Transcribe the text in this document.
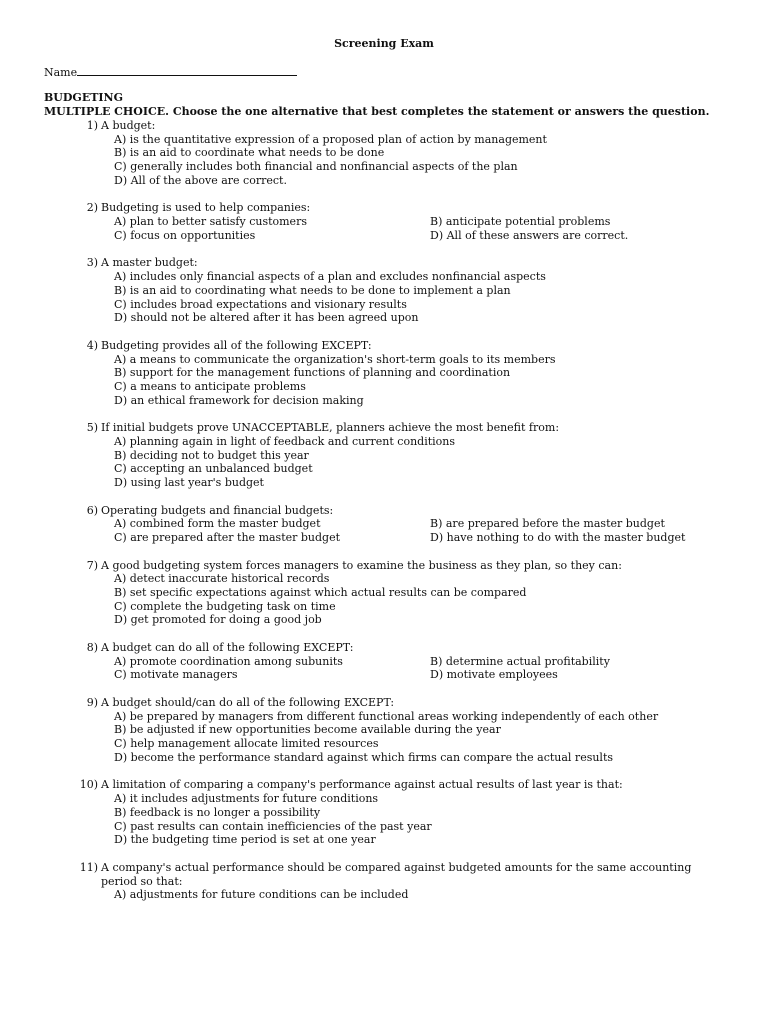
Screening Exam
Name
BUDGETING
MULTIPLE CHOICE. Choose the one alternative that best completes the statement or answers the question.
1) A budget:
A) is the quantitative expression of a proposed plan of action by management
B) is an aid to coordinate what needs to be done
C) generally includes both financial and nonfinancial aspects of the plan
D) All of the above are correct.
2) Budgeting is used to help companies:
A) plan to better satisfy customers	B) anticipate potential problems
C) focus on opportunities	D) All of these answers are correct.
3) A master budget:
A) includes only financial aspects of a plan and excludes nonfinancial aspects
B) is an aid to coordinating what needs to be done to implement a plan
C) includes broad expectations and visionary results
D) should not be altered after it has been agreed upon
4) Budgeting provides all of the following EXCEPT:
A) a means to communicate the organization's short-term goals to its members
B) support for the management functions of planning and coordination
C) a means to anticipate problems
D) an ethical framework for decision making
5) If initial budgets prove UNACCEPTABLE, planners achieve the most benefit from:
A) planning again in light of feedback and current conditions
B) deciding not to budget this year
C) accepting an unbalanced budget
D) using last year's budget
6) Operating budgets and financial budgets:
A) combined form the master budget	B) are prepared before the master budget
C) are prepared after the master budget	D) have nothing to do with the master budget
7) A good budgeting system forces managers to examine the business as they plan, so they can:
A) detect inaccurate historical records
B) set specific expectations against which actual results can be compared
C) complete the budgeting task on time
D) get promoted for doing a good job
8) A budget can do all of the following EXCEPT:
A) promote coordination among subunits	B) determine actual profitability
C) motivate managers	D) motivate employees
9) A budget should/can do all of the following EXCEPT:
A) be prepared by managers from different functional areas working independently of each other
B) be adjusted if new opportunities become available during the year
C) help management allocate limited resources
D) become the performance standard against which firms can compare the actual results
10) A limitation of comparing a company's performance against actual results of last year is that:
A) it includes adjustments for future conditions
B) feedback is no longer a possibility
C) past results can contain inefficiencies of the past year
D) the budgeting time period is set at one year
11) A company's actual performance should be compared against budgeted amounts for the same accounting period so that:
A) adjustments for future conditions can be included
